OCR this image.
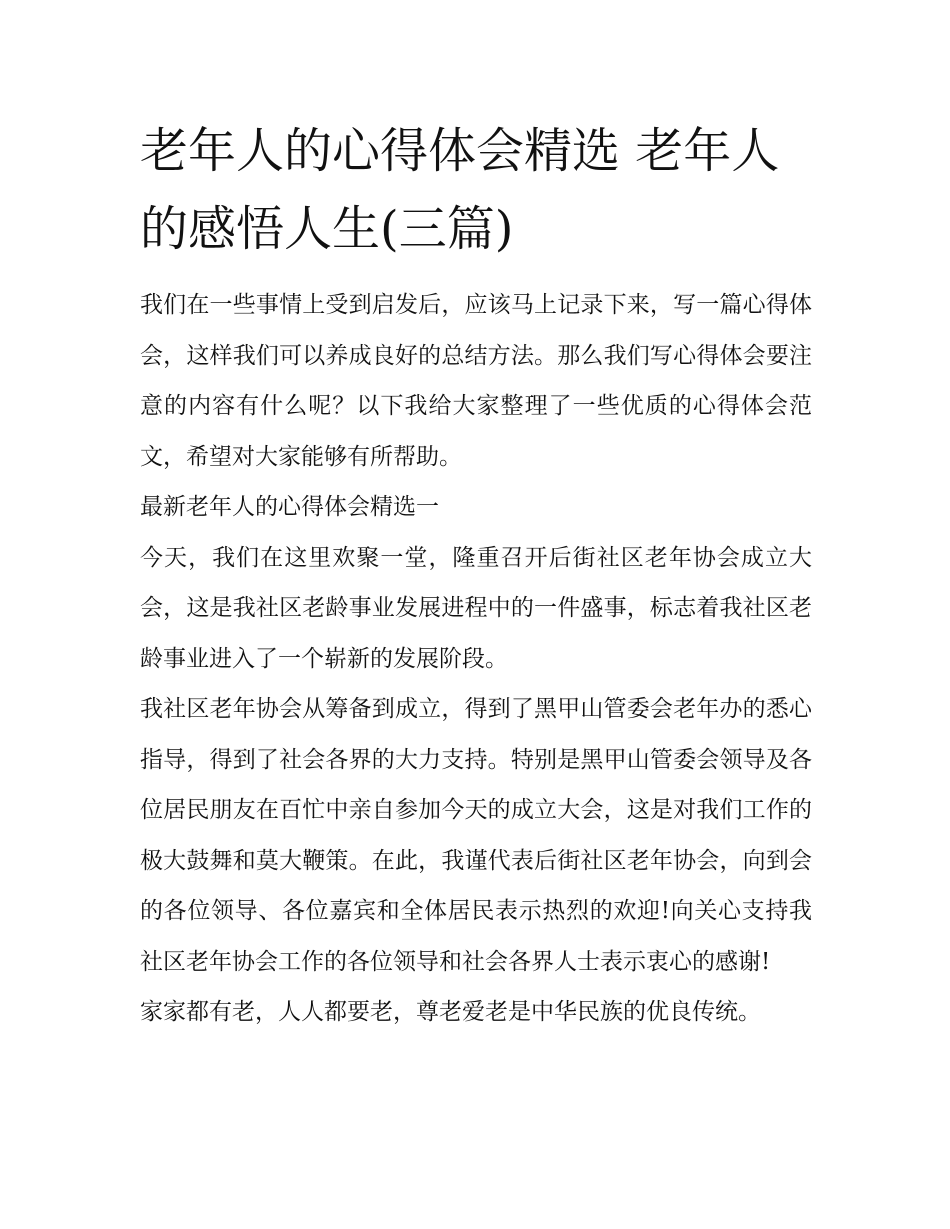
老年人的心得体会精选 老年人的感悟人生(三篇)

我们在一些事情上受到启发后，应该马上记录下来，写一篇心得体会，这样我们可以养成良好的总结方法。那么我们写心得体会要注意的内容有什么呢？以下我给大家整理了一些优质的心得体会范文，希望对大家能够有所帮助。

最新老年人的心得体会精选一

今天，我们在这里欢聚一堂，隆重召开后街社区老年协会成立大会，这是我社区老龄事业发展进程中的一件盛事，标志着我社区老龄事业进入了一个崭新的发展阶段。

我社区老年协会从筹备到成立，得到了黑甲山管委会老年办的悉心指导，得到了社会各界的大力支持。特别是黑甲山管委会领导及各位居民朋友在百忙中亲自参加今天的成立大会，这是对我们工作的极大鼓舞和莫大鞭策。在此，我谨代表后街社区老年协会，向到会的各位领导、各位嘉宾和全体居民表示热烈的欢迎!向关心支持我社区老年协会工作的各位领导和社会各界人士表示衷心的感谢!

家家都有老，人人都要老，尊老爱老是中华民族的优良传统。
